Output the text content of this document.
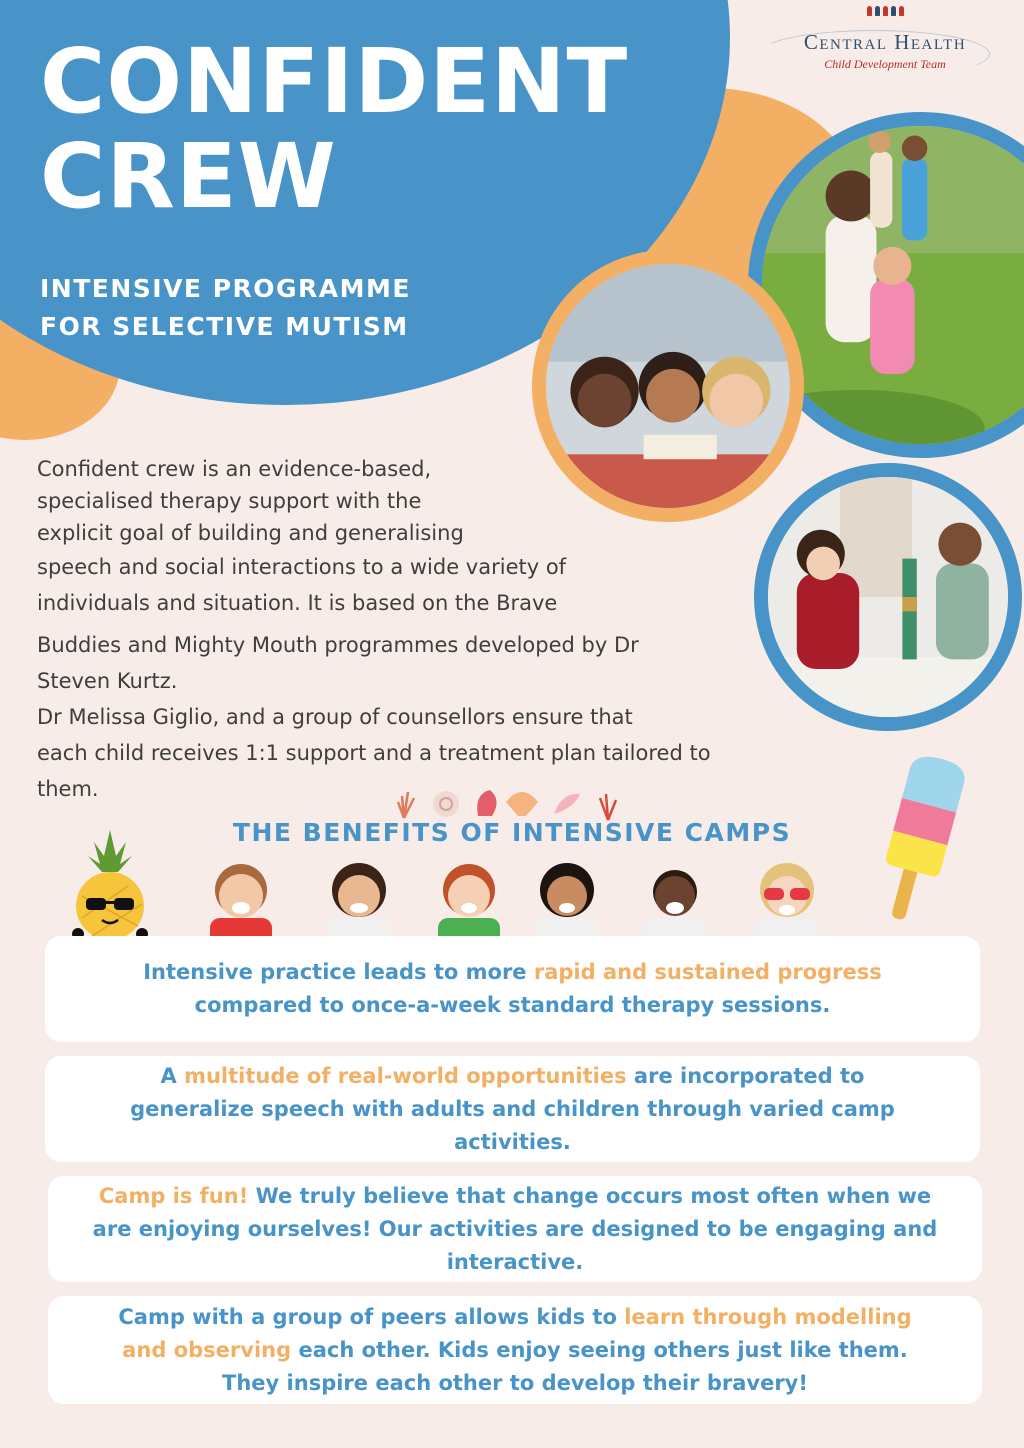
CONFIDENT
CREW
INTENSIVE PROGRAMME
FOR SELECTIVE MUTISM
Central Health
Child Development Team

Confident crew is an evidence-based,

specialised therapy support with the

explicit goal of building and generalising

speech and social interactions to a wide variety of

individuals and situation. It is based on the Brave

Buddies and Mighty Mouth programmes developed by Dr

Steven Kurtz.

Dr Melissa Giglio, and a group of counsellors ensure that

each child receives 1:1 support and a treatment plan tailored to

them.

THE BENEFITS OF INTENSIVE CAMPS
Intensive practice leads to more rapid and sustained progress
compared to once-a-week standard therapy sessions.
A multitude of real-world opportunities are incorporated to
generalize speech with adults and children through varied camp
activities.
Camp is fun! We truly believe that change occurs most often when we
are enjoying ourselves! Our activities are designed to be engaging and
interactive.
Camp with a group of peers allows kids to learn through modelling
and observing each other. Kids enjoy seeing others just like them.
They inspire each other to develop their bravery!
